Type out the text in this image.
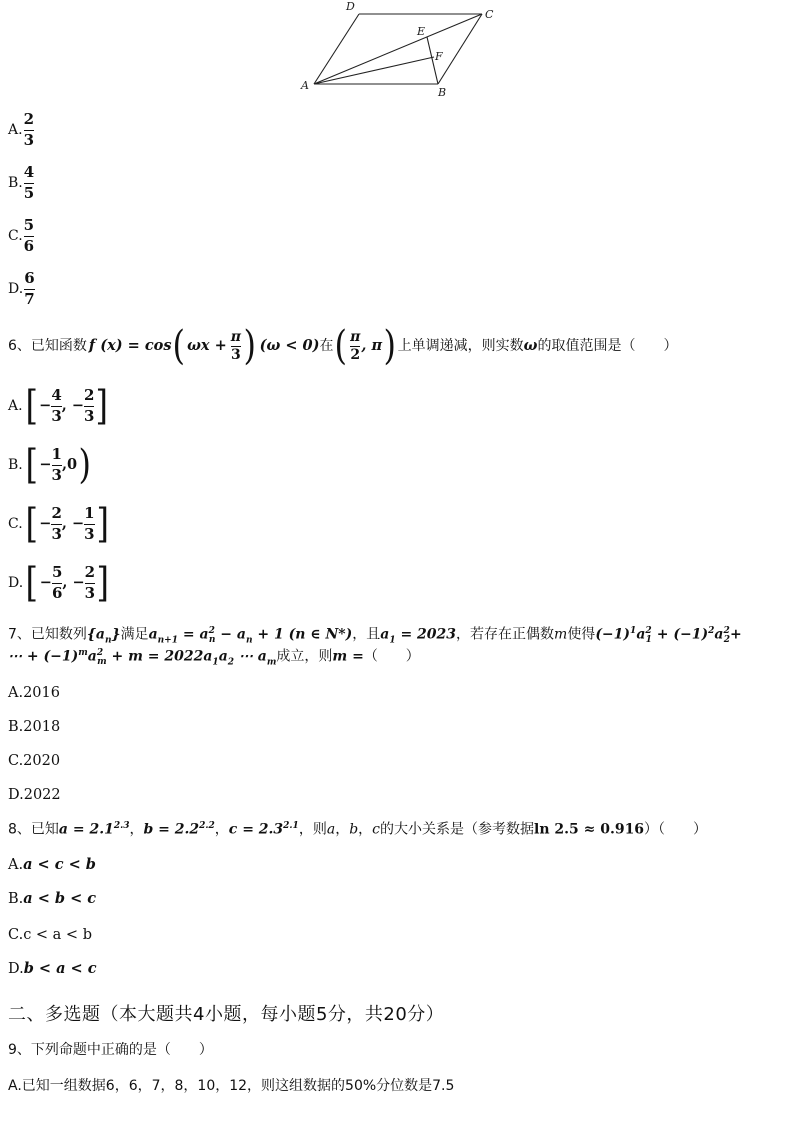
A
B
C
D
E
F
A.
2
3
B.
4
5
C.
5
6
D.
6
7
6、 已知函数 f (x) = cos ( $\omega x + \frac{\pi}{3}$ ) (ω < 0) 在 ( $\frac{\pi}{2}$ , π ) 上单调递减，则实数 ω 的取值范围是（　　）
A. [ −
4
3
, −
2
3 ]
B. [ −
1
3
,0 )
C. [ −
2
3
, −
1
3 ]
D. [ −
5
6
, −
2
3 ]
7、已知数列$\{a_n\}$满足$a_{n+1} = a^2_n - a_n + 1$ (n ∈ N*)，且$a_1 = 2023$，若存在正偶数m使得$(-1)^1a^2_1 + (-1)^2a^2_2+$
⋯ + $(-1)^ma^2_m + m = 2022a_1a_2$ ⋯ $a_m$成立，则m =（　　）
A.2016
B.2018
C.2020
D.2022
8、已知$a = 2.1^{2.3}$，$b = 2.2^{2.2}$，$c = 2.3^{2.1}$，则a，b，c的大小关系是（参考数据ln 2.5 ≈ 0.916）（　　）
A.a < c < b
B.a < b < c
C.c < a < b
D.b < a < c
二、多选题（本大题共4小题，每小题5分，共20分）
9、下列命题中正确的是（　　）
A.已知一组数据6，6，7，8，10，12，则这组数据的50%分位数是7.5
